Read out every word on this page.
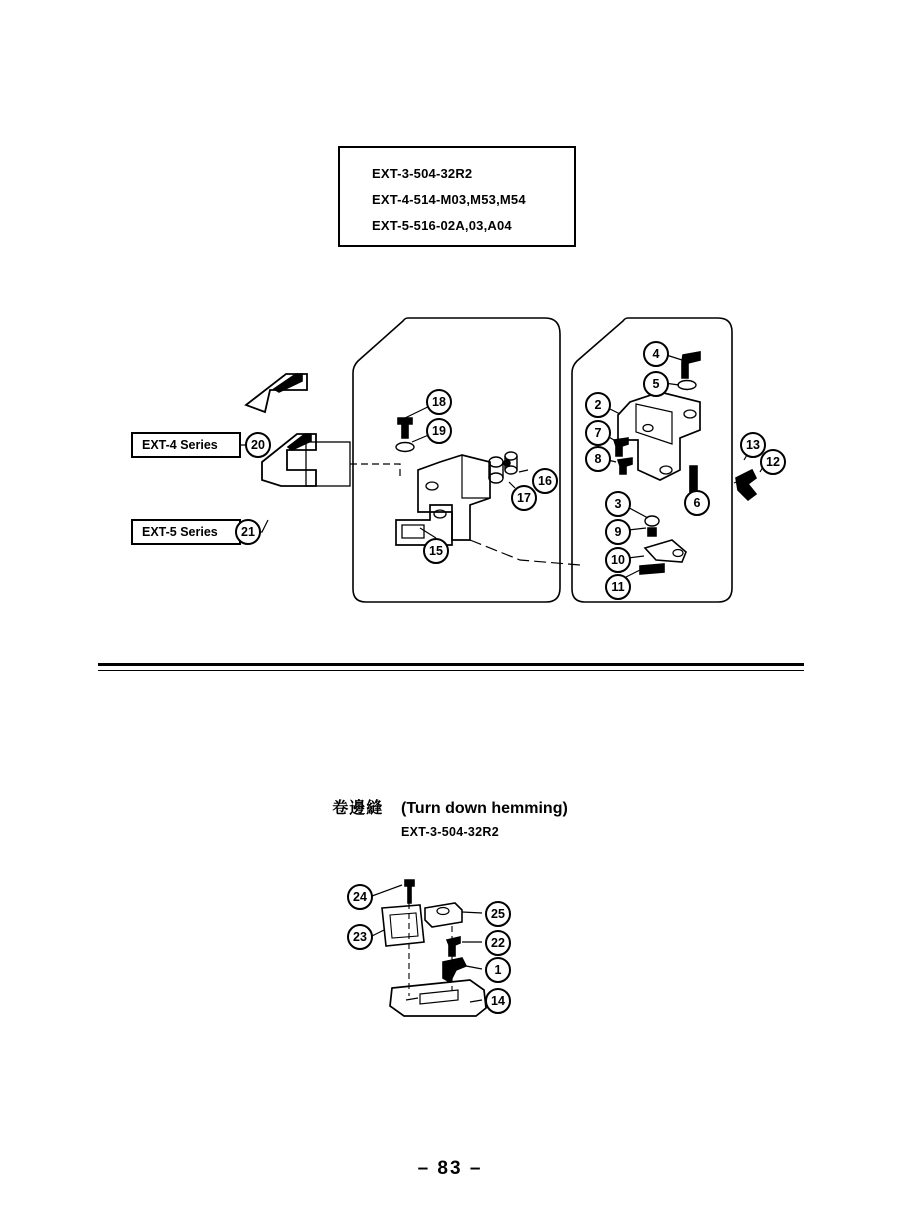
EXT-3-504-32R2
EXT-4-514-M03,M53,M54
EXT-5-516-02A,03,A04
EXT-4 Series	20
EXT-5 Series	21
18
19
15
17
16
4
5
2
7
8
3
9
10
11
6
13
12
卷邊縫 (Turn down hemming)
EXT-3-504-32R2
24
23
25
22
1
14
– 83 –
